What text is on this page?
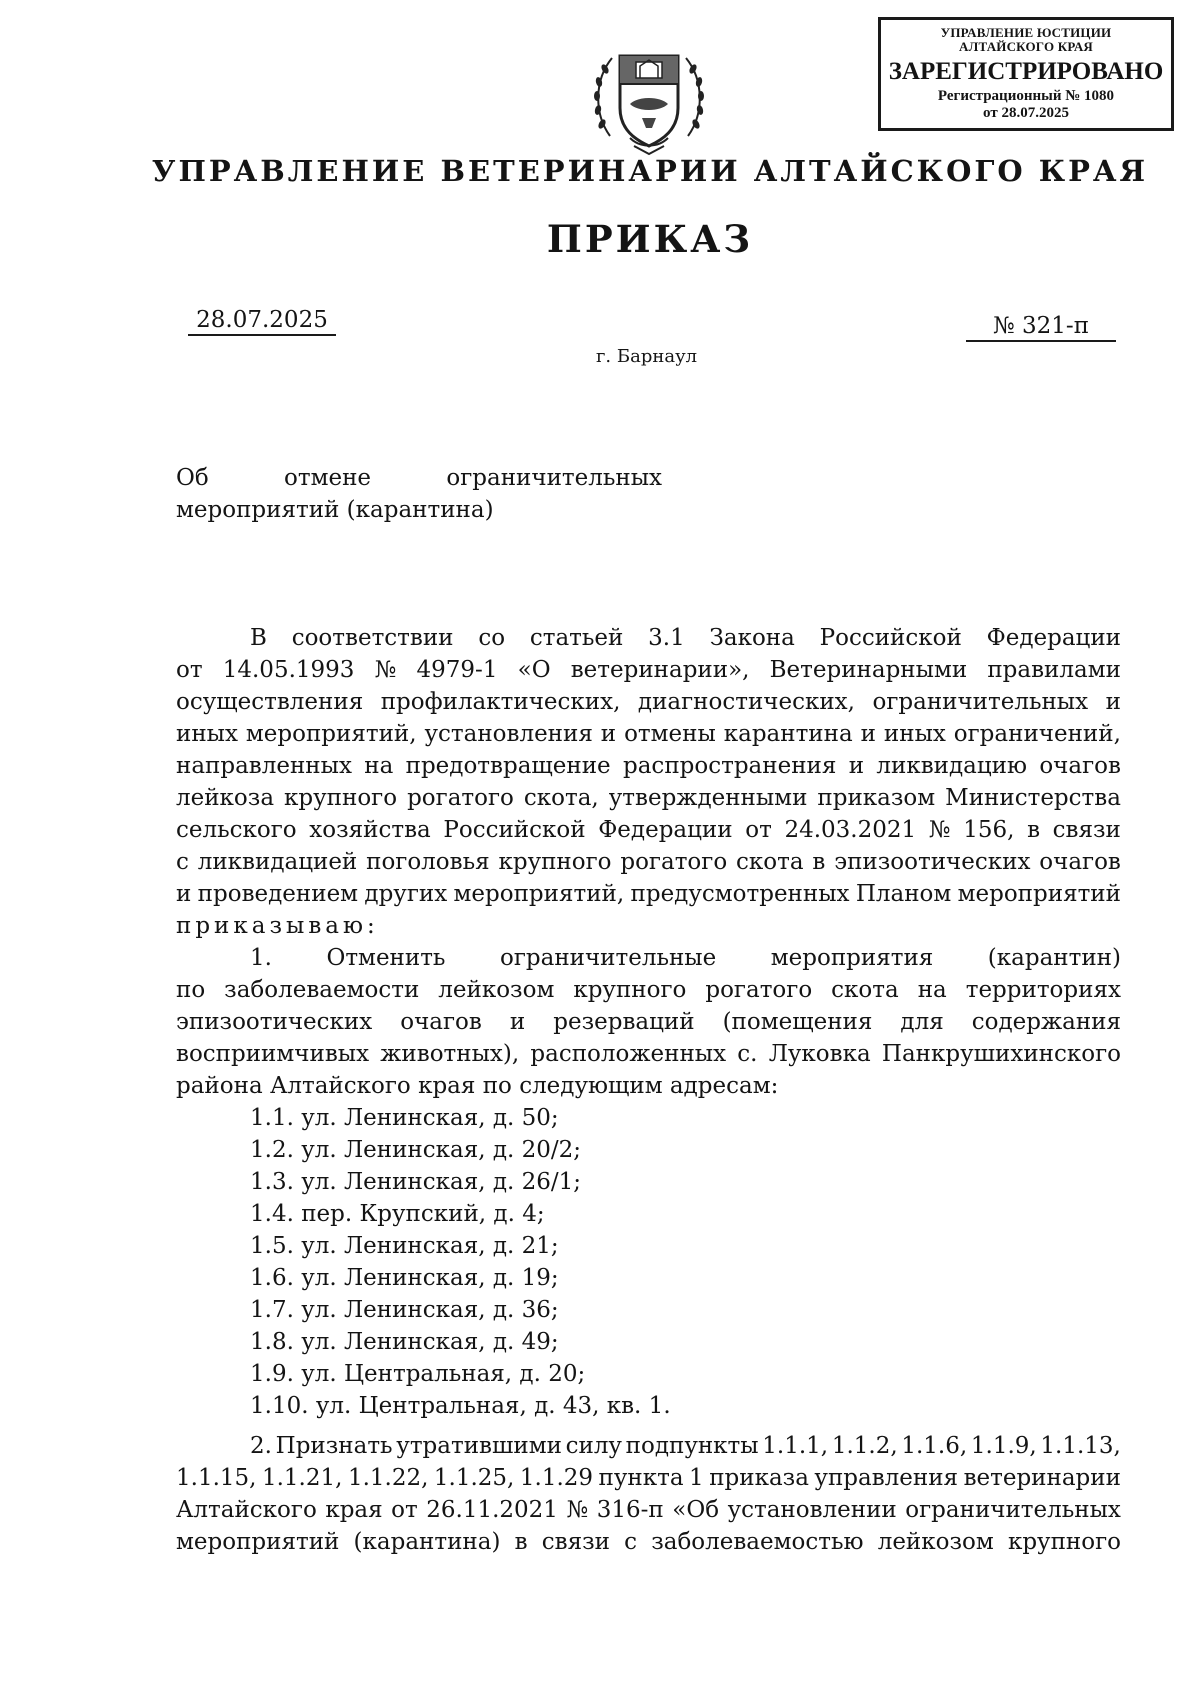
УПРАВЛЕНИЕ ЮСТИЦИИ
АЛТАЙСКОГО КРАЯ
ЗАРЕГИСТРИРОВАНО
Регистрационный № 1080
от 28.07.2025
УПРАВЛЕНИЕ ВЕТЕРИНАРИИ АЛТАЙСКОГО КРАЯ
ПРИКАЗ
28.07.2025	№ 321-п
г. Барнаул
Об	отмене	ограничительных
мероприятий (карантина)
В соответствии со статьей 3.1 Закона Российской Федерации
от 14.05.1993 № 4979-1 «О ветеринарии», Ветеринарными правилами
осуществления профилактических, диагностических, ограничительных и
иных мероприятий, установления и отмены карантина и иных ограничений,
направленных на предотвращение распространения и ликвидацию очагов
лейкоза крупного рогатого скота, утвержденными приказом Министерства
сельского хозяйства Российской Федерации от 24.03.2021 № 156, в связи
с ликвидацией поголовья крупного рогатого скота в эпизоотических очагов
и проведением других мероприятий, предусмотренных Планом мероприятий
приказываю:
1. Отменить ограничительные мероприятия (карантин)
по заболеваемости лейкозом крупного рогатого скота на территориях
эпизоотических очагов и резерваций (помещения для содержания
восприимчивых животных), расположенных с. Луковка Панкрушихинского
района Алтайского края по следующим адресам:
1.1. ул. Ленинская, д. 50;
1.2. ул. Ленинская, д. 20/2;
1.3. ул. Ленинская, д. 26/1;
1.4. пер. Крупский, д. 4;
1.5. ул. Ленинская, д. 21;
1.6. ул. Ленинская, д. 19;
1.7. ул. Ленинская, д. 36;
1.8. ул. Ленинская, д. 49;
1.9. ул. Центральная, д. 20;
1.10. ул. Центральная, д. 43, кв. 1.
2. Признать утратившими силу подпункты 1.1.1, 1.1.2, 1.1.6, 1.1.9, 1.1.13,
1.1.15, 1.1.21, 1.1.22, 1.1.25, 1.1.29 пункта 1 приказа управления ветеринарии
Алтайского края от 26.11.2021 № 316-п «Об установлении ограничительных
мероприятий (карантина) в связи с заболеваемостью лейкозом крупного
